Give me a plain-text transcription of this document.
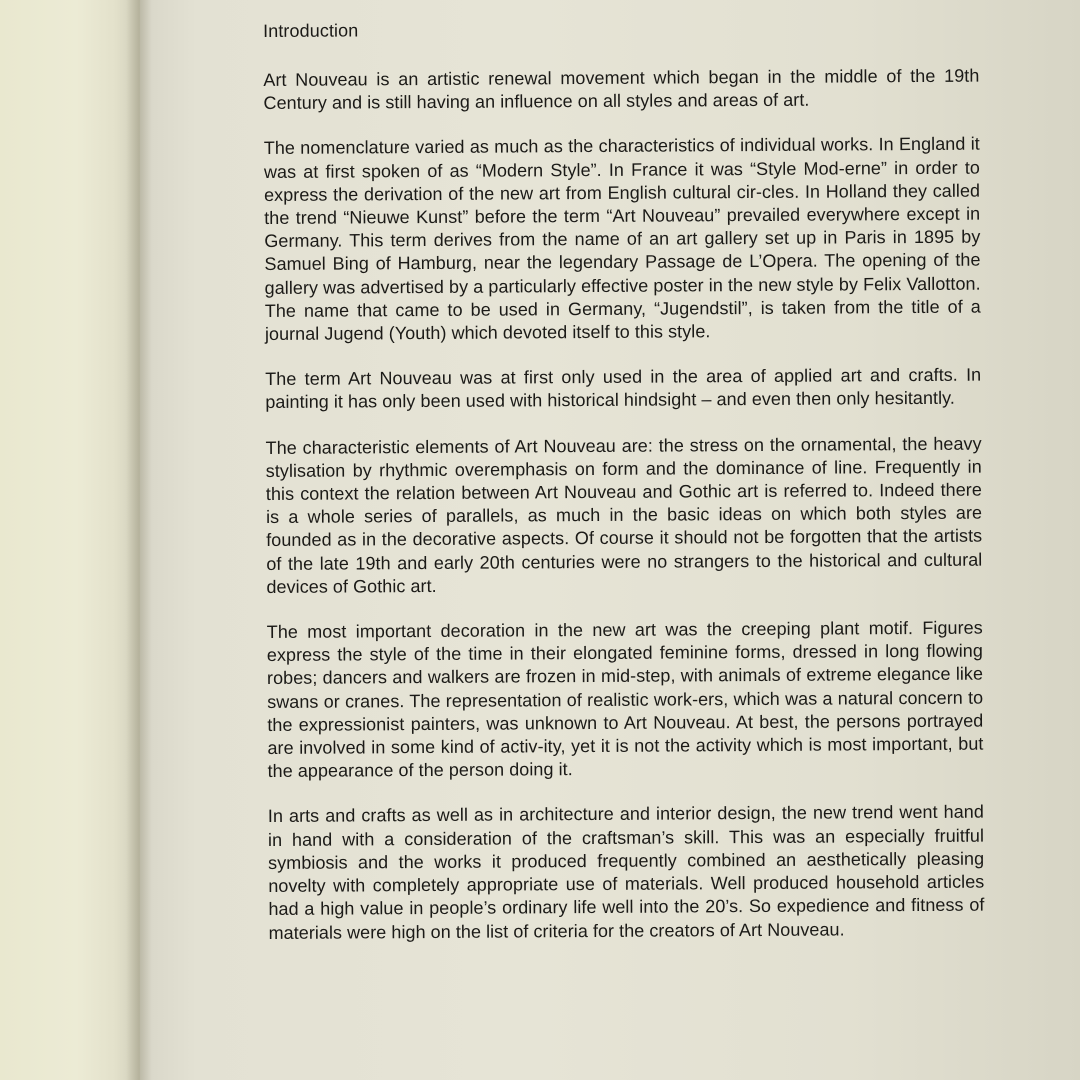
Introduction

Art Nouveau is an artistic renewal movement which began in the middle of the 19th Century and is still having an influence on all styles and areas of art.

The nomenclature varied as much as the characteristics of individual works. In England it was at first spoken of as “Modern Style”. In France it was “Style Mod-erne” in order to express the derivation of the new art from English cultural cir-cles. In Holland they called the trend “Nieuwe Kunst” before the term “Art Nouveau” prevailed everywhere except in Germany. This term derives from the name of an art gallery set up in Paris in 1895 by Samuel Bing of Hamburg, near the legendary Passage de L’Opera. The opening of the gallery was advertised by a particularly effective poster in the new style by Felix Vallotton. The name that came to be used in Germany, “Jugendstil”, is taken from the title of a journal Jugend (Youth) which devoted itself to this style.

The term Art Nouveau was at first only used in the area of applied art and crafts. In painting it has only been used with historical hindsight – and even then only hesitantly.

The characteristic elements of Art Nouveau are: the stress on the ornamental, the heavy stylisation by rhythmic overemphasis on form and the dominance of line. Frequently in this context the relation between Art Nouveau and Gothic art is referred to. Indeed there is a whole series of parallels, as much in the basic ideas on which both styles are founded as in the decorative aspects. Of course it should not be forgotten that the artists of the late 19th and early 20th centuries were no strangers to the historical and cultural devices of Gothic art.

The most important decoration in the new art was the creeping plant motif. Figures express the style of the time in their elongated feminine forms, dressed in long flowing robes; dancers and walkers are frozen in mid-step, with animals of extreme elegance like swans or cranes. The representation of realistic work-ers, which was a natural concern to the expressionist painters, was unknown to Art Nouveau. At best, the persons portrayed are involved in some kind of activ-ity, yet it is not the activity which is most important, but the appearance of the person doing it.

In arts and crafts as well as in architecture and interior design, the new trend went hand in hand with a consideration of the craftsman’s skill. This was an especially fruitful symbiosis and the works it produced frequently combined an aesthetically pleasing novelty with completely appropriate use of materials. Well produced household articles had a high value in people’s ordinary life well into the 20’s. So expedience and fitness of materials were high on the list of criteria for the creators of Art Nouveau.
